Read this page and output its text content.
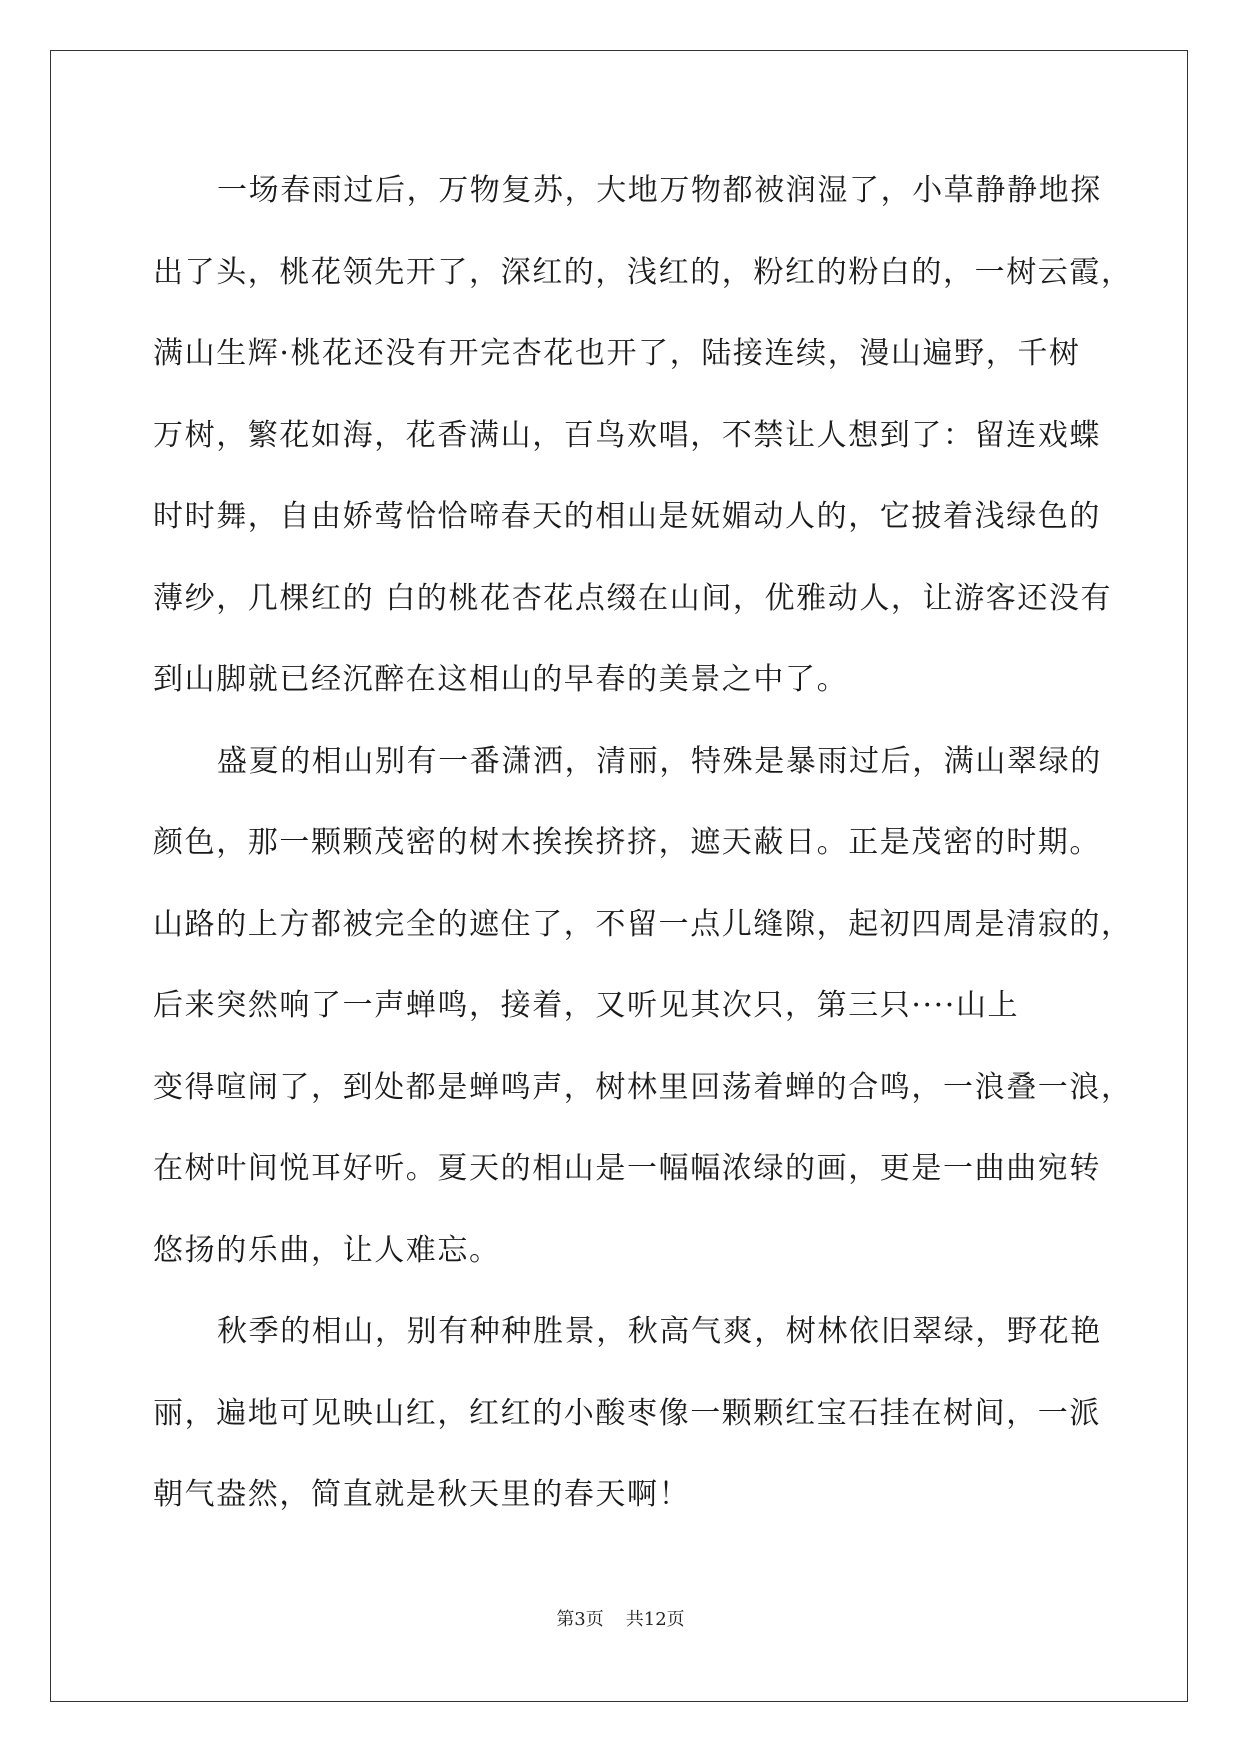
一场春雨过后，万物复苏，大地万物都被润湿了，小草静静地探
出了头，桃花领先开了，深红的，浅红的，粉红的粉白的，一树云霞，
满山生辉·桃花还没有开完杏花也开了，陆接连续，漫山遍野，千树
万树，繁花如海，花香满山，百鸟欢唱，不禁让人想到了：留连戏蝶
时时舞，自由娇莺恰恰啼春天的相山是妩媚动人的，它披着浅绿色的
薄纱，几棵红的 白的桃花杏花点缀在山间，优雅动人，让游客还没有
到山脚就已经沉醉在这相山的早春的美景之中了。

盛夏的相山别有一番潇洒，清丽，特殊是暴雨过后，满山翠绿的
颜色，那一颗颗茂密的树木挨挨挤挤，遮天蔽日。正是茂密的时期。
山路的上方都被完全的遮住了，不留一点儿缝隙，起初四周是清寂的，
后来突然响了一声蝉鸣，接着，又听见其次只，第三只····山上
变得喧闹了，到处都是蝉鸣声，树林里回荡着蝉的合鸣，一浪叠一浪，
在树叶间悦耳好听。夏天的相山是一幅幅浓绿的画，更是一曲曲宛转
悠扬的乐曲，让人难忘。

秋季的相山，别有种种胜景，秋高气爽，树林依旧翠绿，野花艳
丽，遍地可见映山红，红红的小酸枣像一颗颗红宝石挂在树间，一派
朝气盎然，简直就是秋天里的春天啊！

第3页 共12页
